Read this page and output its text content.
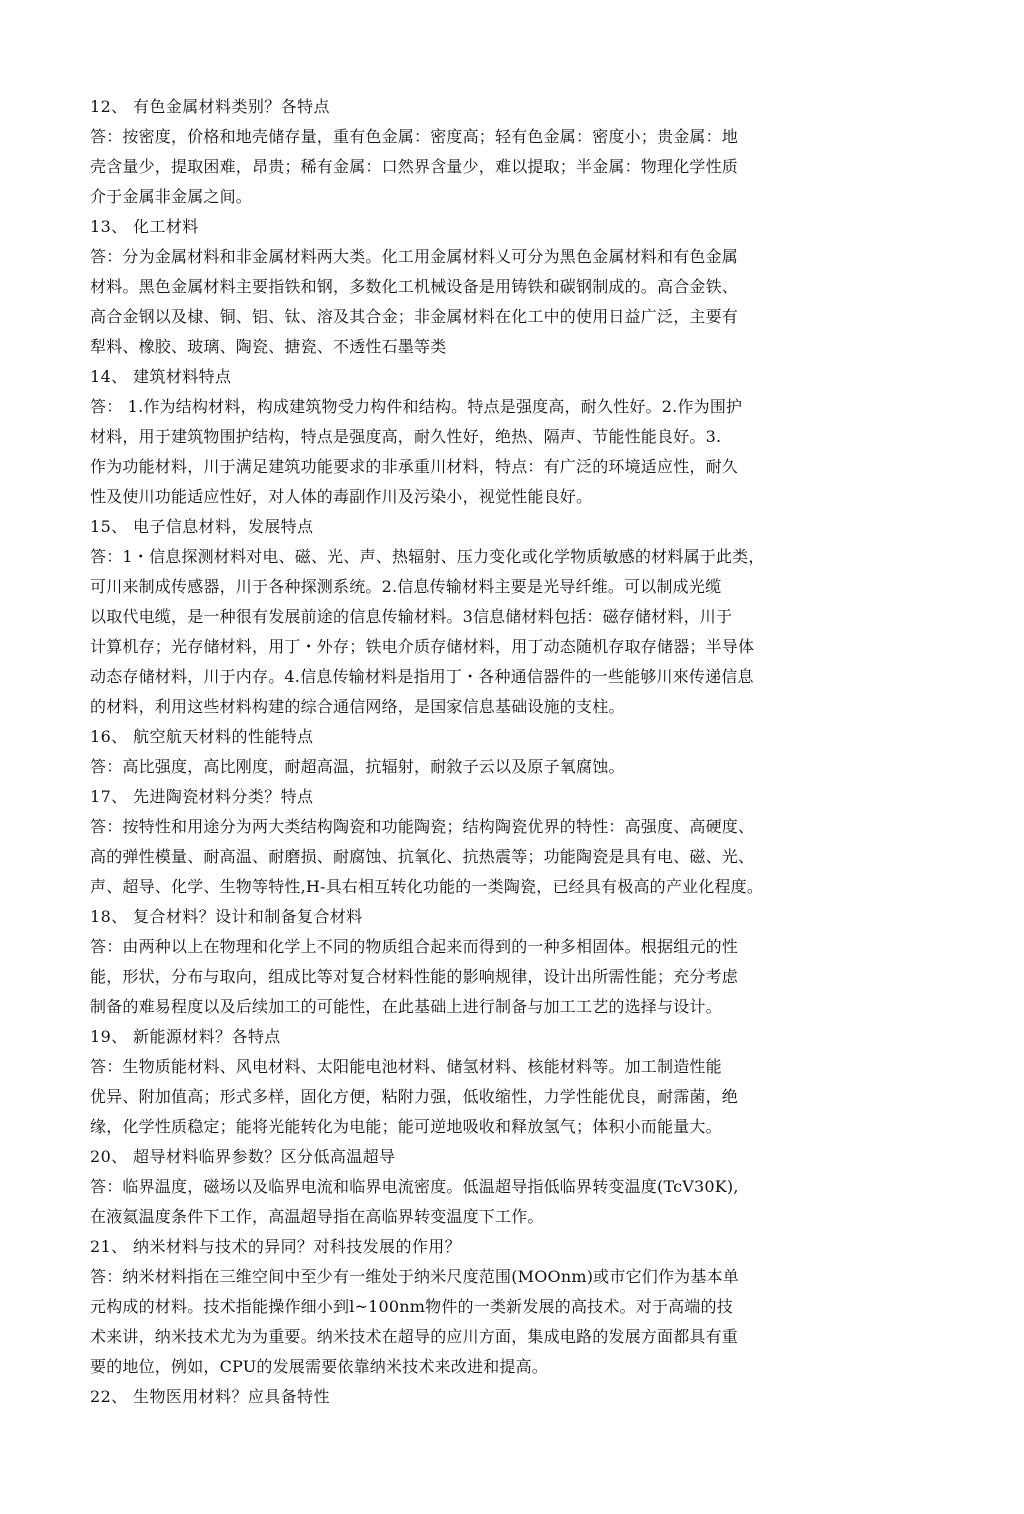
12、 有色金属材料类别？各特点
答：按密度，价格和地壳储存量，重有色金属：密度高；轻有色金属：密度小；贵金属：地
壳含量少，提取困难，昂贵；稀有金属：口然界含量少，难以提取；半金属：物理化学性质
介于金属非金属之间。
13、 化工材料
答：分为金属材料和非金属材料两大类。化工用金属材料乂可分为黑色金属材料和有色金属
材料。黑色金属材料主要指铁和钢，多数化工机械设备是用铸铁和碳钢制成的。高合金铁、
高合金钢以及棣、铜、铝、钛、溶及其合金；非金属材料在化工中的使用日益广泛，主要有
犁料、橡胶、玻璃、陶瓷、搪瓷、不透性石墨等类
14、 建筑材料特点
答： 1.作为结构材料，构成建筑物受力构件和结构。特点是强度高，耐久性好。2.作为围护
材料，用于建筑物围护结构，特点是强度高，耐久性好，绝热、隔声、节能性能良好。3.
作为功能材料，川于满足建筑功能要求的非承重川材料，特点：有广泛的环境适应性，耐久
性及使川功能适应性好，对人体的毒副作川及污染小，视觉性能良好。
15、 电子信息材料，发展特点
答：1・信息探测材料对电、磁、光、声、热辐射、压力变化或化学物质敏感的材料属于此类，
可川来制成传感器，川于各种探测系统。2.信息传输材料主要是光导纤维。可以制成光缆
以取代电缆，是一种很有发展前途的信息传输材料。3信息储材料包括：磁存储材料，川于
计算机存；光存储材料，用丁・外存；铁电介质存储材料，用丁动态随机存取存储器；半导体
动态存储材料，川于内存。4.信息传输材料是指用丁・各种通信器件的一些能够川來传递信息
的材料，利用这些材料构建的综合通信网络，是国家信息基础设施的支柱。
16、 航空航天材料的性能特点
答：高比强度，高比刚度，耐超高温，抗辐射，耐敘子云以及原子氧腐蚀。
17、 先进陶瓷材料分类？特点
答：按特性和用途分为两大类结构陶瓷和功能陶瓷；结构陶瓷优界的特性：高强度、高硬度、
高的弹性模量、耐高温、耐磨损、耐腐蚀、抗氧化、抗热震等；功能陶瓷是具有电、磁、光、
声、超导、化学、生物等特性,H-具右相互转化功能的一类陶瓷，已经具有极高的产业化程度。
18、 复合材料？设计和制备复合材料
答：由两种以上在物理和化学上不同的物质组合起来而得到的一种多相固体。根据组元的性
能，形状，分布与取向，组成比等对复合材料性能的影响规律，设计出所需性能；充分考虑
制备的难易程度以及后续加工的可能性，在此基础上进行制备与加工工艺的选择与设计。
19、 新能源材料？各特点
答：生物质能材料、风电材料、太阳能电池材料、储氢材料、核能材料等。加工制造性能
优异、附加值高；形式多样，固化方便，粘附力强，低收缩性，力学性能优良，耐霈菌，绝
缘，化学性质稳定；能将光能转化为电能；能可逆地吸收和释放氢气；体积小而能量大。
20、 超导材料临界参数？区分低高温超导
答：临界温度，磁场以及临界电流和临界电流密度。低温超导指低临界转变温度(TcV30K),
在液氦温度条件下工作，高温超导指在高临界转变温度下工作。
21、 纳米材料与技术的异同？对科技发展的作用？
答：纳米材料指在三维空间中至少有一维处于纳米尺度范围(MOOnm)或市它们作为基本单
元构成的材料。技术指能操作细小到l~100nm物件的一类新发展的高技术。对于高端的技
术来讲，纳米技术尤为为重要。纳米技术在超导的应川方面，集成电路的发展方面都具有重
要的地位，例如，CPU的发展需要依靠纳米技术来改进和提高。
22、 生物医用材料？应具备特性
